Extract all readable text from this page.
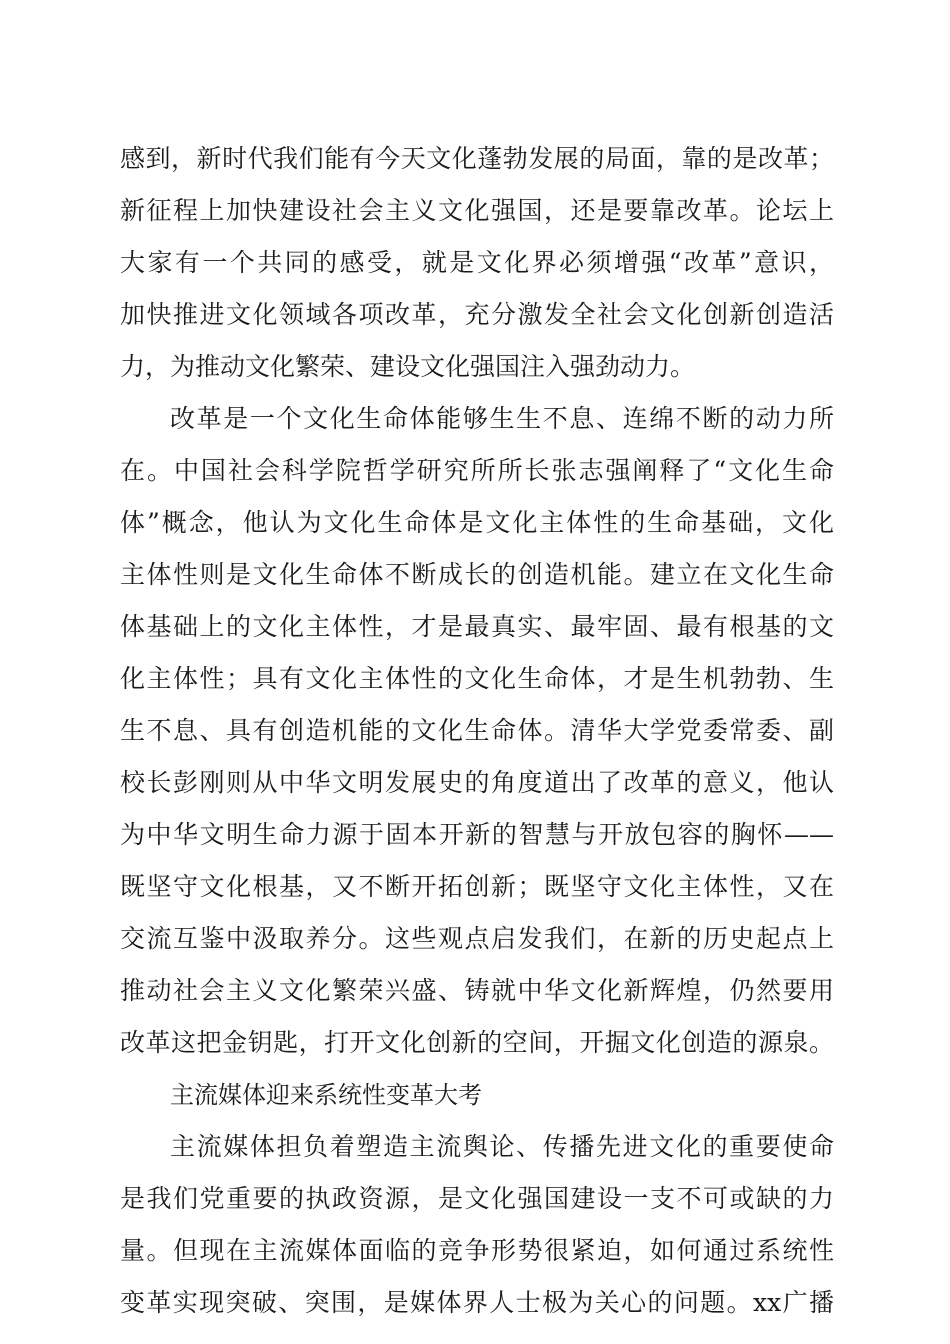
感到，新时代我们能有今天文化蓬勃发展的局面，靠的是改革；
新征程上加快建设社会主义文化强国，还是要靠改革。论坛上
大家有一个共同的感受，就是文化界必须增强“改革”意识，
加快推进文化领域各项改革，充分激发全社会文化创新创造活
力，为推动文化繁荣、建设文化强国注入强劲动力。
改革是一个文化生命体能够生生不息、连绵不断的动力所
在。中国社会科学院哲学研究所所长张志强阐释了“文化生命
体”概念，他认为文化生命体是文化主体性的生命基础，文化
主体性则是文化生命体不断成长的创造机能。建立在文化生命
体基础上的文化主体性，才是最真实、最牢固、最有根基的文
化主体性；具有文化主体性的文化生命体，才是生机勃勃、生
生不息、具有创造机能的文化生命体。清华大学党委常委、副
校长彭刚则从中华文明发展史的角度道出了改革的意义，他认
为中华文明生命力源于固本开新的智慧与开放包容的胸怀——
既坚守文化根基，又不断开拓创新；既坚守文化主体性，又在
交流互鉴中汲取养分。这些观点启发我们，在新的历史起点上
推动社会主义文化繁荣兴盛、铸就中华文化新辉煌，仍然要用
改革这把金钥匙，打开文化创新的空间，开掘文化创造的源泉。
主流媒体迎来系统性变革大考
主流媒体担负着塑造主流舆论、传播先进文化的重要使命
是我们党重要的执政资源，是文化强国建设一支不可或缺的力
量。但现在主流媒体面临的竞争形势很紧迫，如何通过系统性
变革实现突破、突围，是媒体界人士极为关心的问题。xx广播
